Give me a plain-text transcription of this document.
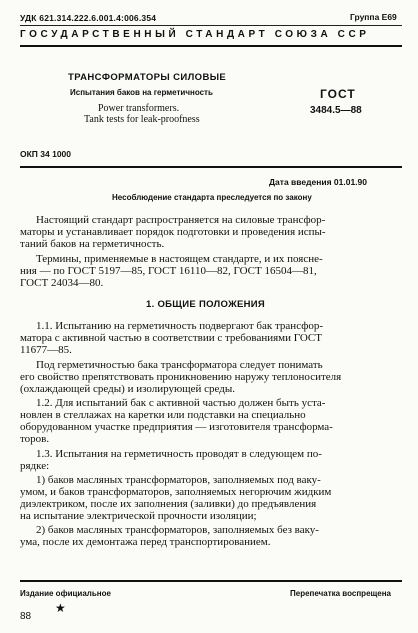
УДК 621.314.222.6.001.4:006.354	Группа Е69
ГОСУДАРСТВЕННЫЙ СТАНДАРТ СОЮЗА ССР
ТРАНСФОРМАТОРЫ СИЛОВЫЕ
Испытания баков на герметичность
Power transformers.
Tank tests for leak-proofness
ГОСТ
3484.5—88
ОКП 34 1000
Дата введения 01.01.90
Несоблюдение стандарта преследуется по закону
Настоящий стандарт распространяется на силовые трансфор-
маторы и устанавливает порядок подготовки и проведения испы-
таний баков на герметичность.
Термины, применяемые в настоящем стандарте, и их поясне-
ния — по ГОСТ 5197—85, ГОСТ 16110—82, ГОСТ 16504—81,
ГОСТ 24034—80.
1. ОБЩИЕ ПОЛОЖЕНИЯ
1.1. Испытанию на герметичность подвергают бак трансфор-
матора с активной частью в соответствии с требованиями ГОСТ
11677—85.
Под герметичностью бака трансформатора следует понимать
его свойство препятствовать проникновению наружу теплоносителя
(охлаждающей среды) и изолирующей среды.
1.2. Для испытаний бак с активной частью должен быть уста-
новлен в стеллажах на каретки или подставки на специально
оборудованном участке предприятия — изготовителя трансформа-
торов.
1.3. Испытания на герметичность проводят в следующем по-
рядке:
1) баков масляных трансформаторов, заполняемых под ваку-
умом, и баков трансформаторов, заполняемых негорючим жидким
диэлектриком, после их заполнения (заливки) до предъявления
на испытание электрической прочности изоляции;
2) баков масляных трансформаторов, заполняемых без ваку-
ума, после их демонтажа перед транспортированием.
Издание официальное	Перепечатка воспрещена
★
88
